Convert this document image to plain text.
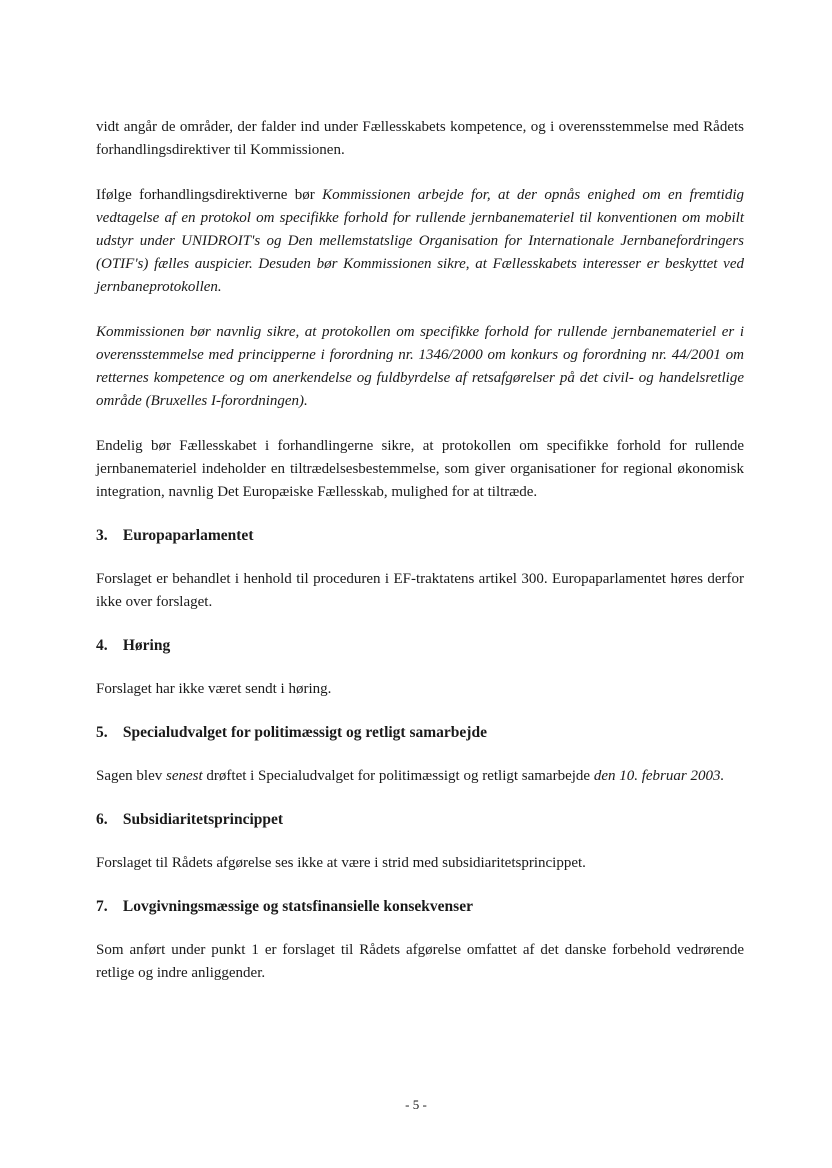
vidt angår de områder, der falder ind under Fællesskabets kompetence, og i overensstemmelse med Rådets forhandlingsdirektiver til Kommissionen.

Ifølge forhandlingsdirektiverne bør Kommissionen arbejde for, at der opnås enighed om en fremtidig vedtagelse af en protokol om specifikke forhold for rullende jernbanemateriel til konventionen om mobilt udstyr under UNIDROIT's og Den mellemstatslige Organisation for Internationale Jernbanefordringers (OTIF's) fælles auspicier. Desuden bør Kommissionen sikre, at Fællesskabets interesser er beskyttet ved jernbaneprotokollen.

Kommissionen bør navnlig sikre, at protokollen om specifikke forhold for rullende jernbanemateriel er i overensstemmelse med principperne i forordning nr. 1346/2000 om konkurs og forordning nr. 44/2001 om retternes kompetence og om anerkendelse og fuldbyrdelse af retsafgørelser på det civil- og handelsretlige område (Bruxelles I-forordningen).

Endelig bør Fællesskabet i forhandlingerne sikre, at protokollen om specifikke forhold for rullende jernbanemateriel indeholder en tiltrædelsesbestemmelse, som giver organisationer for regional økonomisk integration, navnlig Det Europæiske Fællesskab, mulighed for at tiltræde.

3. Europaparlamentet

Forslaget er behandlet i henhold til proceduren i EF-traktatens artikel 300. Europaparlamentet høres derfor ikke over forslaget.

4. Høring

Forslaget har ikke været sendt i høring.

5. Specialudvalget for politimæssigt og retligt samarbejde

Sagen blev senest drøftet i Specialudvalget for politimæssigt og retligt samarbejde den 10. februar 2003.

6. Subsidiaritetsprincippet

Forslaget til Rådets afgørelse ses ikke at være i strid med subsidiaritetsprincippet.

7. Lovgivningsmæssige og statsfinansielle konsekvenser

Som anført under punkt 1 er forslaget til Rådets afgørelse omfattet af det danske forbehold vedrørende retlige og indre anliggender.

- 5 -
